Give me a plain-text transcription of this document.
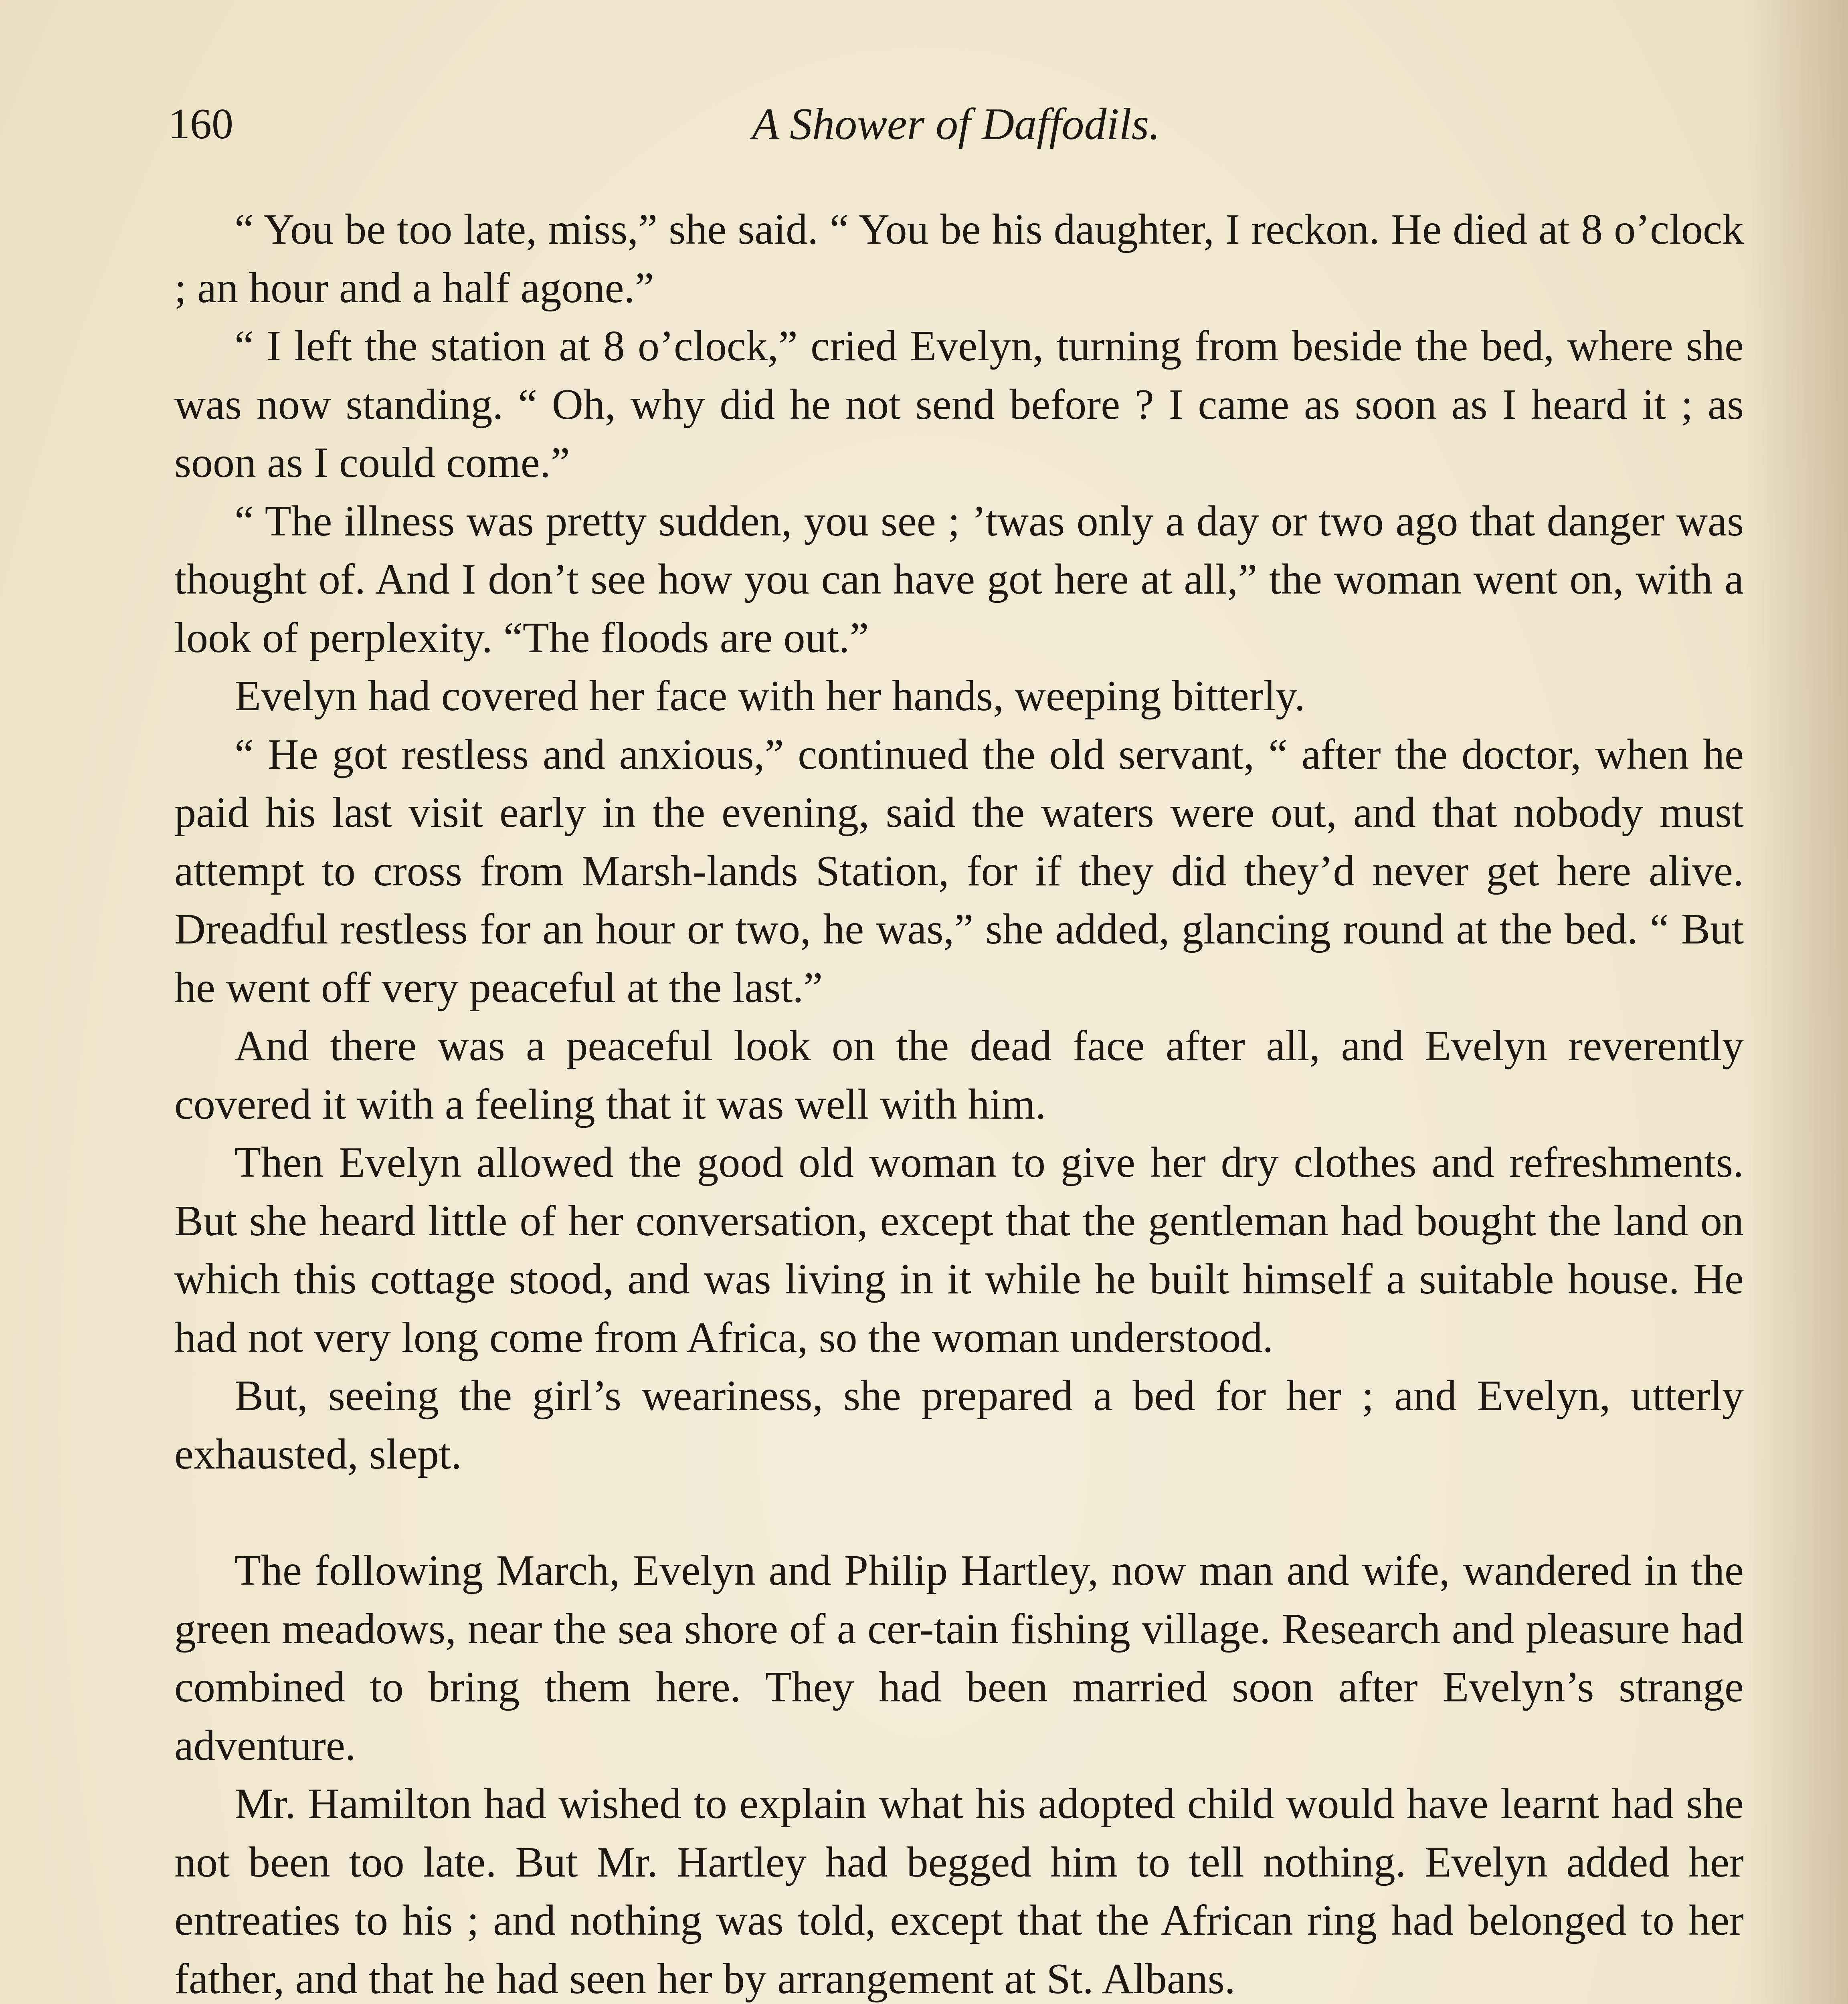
A Shower of Daffodils.
160

“ You be too late, miss,” she said. “ You be his daughter, I reckon. He died at 8 o’clock ; an hour and a half agone.”

“ I left the station at 8 o’clock,” cried Evelyn, turning from beside the bed, where she was now standing. “ Oh, why did he not send before ? I came as soon as I heard it ; as soon as I could come.”

“ The illness was pretty sudden, you see ; ’twas only a day or two ago that danger was thought of. And I don’t see how you can have got here at all,” the woman went on, with a look of perplexity. “The floods are out.”

Evelyn had covered her face with her hands, weeping bitterly.

“ He got restless and anxious,” continued the old servant, “ after the doctor, when he paid his last visit early in the evening, said the waters were out, and that nobody must attempt to cross from Marsh-lands Station, for if they did they’d never get here alive. Dreadful restless for an hour or two, he was,” she added, glancing round at the bed. “ But he went off very peaceful at the last.”

And there was a peaceful look on the dead face after all, and Evelyn reverently covered it with a feeling that it was well with him.

Then Evelyn allowed the good old woman to give her dry clothes and refreshments. But she heard little of her conversation, except that the gentleman had bought the land on which this cottage stood, and was living in it while he built himself a suitable house. He had not very long come from Africa, so the woman understood.

But, seeing the girl’s weariness, she prepared a bed for her ; and Evelyn, utterly exhausted, slept.

The following March, Evelyn and Philip Hartley, now man and wife, wandered in the green meadows, near the sea shore of a cer-tain fishing village. Research and pleasure had combined to bring them here. They had been married soon after Evelyn’s strange adventure.

Mr. Hamilton had wished to explain what his adopted child would have learnt had she not been too late. But Mr. Hartley had begged him to tell nothing. Evelyn added her entreaties to his ; and nothing was told, except that the African ring had belonged to her father, and that he had seen her by arrangement at St. Albans.
